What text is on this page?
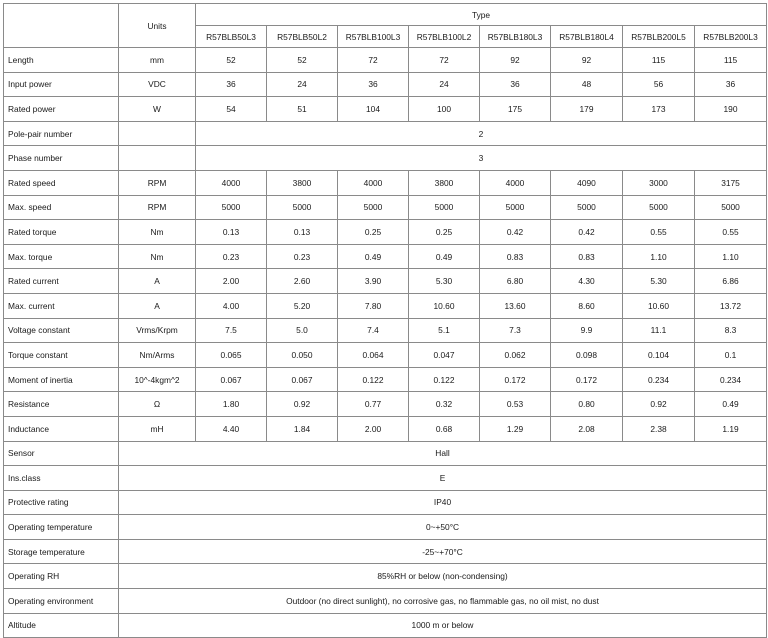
	Units	Type							
		R57BLB50L3	R57BLB50L2	R57BLB100L3	R57BLB100L2	R57BLB180L3	R57BLB180L4	R57BLB200L5	R57BLB200L3
Length	mm	52	52	72	72	92	92	115	115
Input power	VDC	36	24	36	24	36	48	56	36
Rated power	W	54	51	104	100	175	179	173	190
Pole-pair number		2							
Phase number		3							
Rated speed	RPM	4000	3800	4000	3800	4000	4090	3000	3175
Max. speed	RPM	5000	5000	5000	5000	5000	5000	5000	5000
Rated torque	Nm	0.13	0.13	0.25	0.25	0.42	0.42	0.55	0.55
Max. torque	Nm	0.23	0.23	0.49	0.49	0.83	0.83	1.10	1.10
Rated current	A	2.00	2.60	3.90	5.30	6.80	4.30	5.30	6.86
Max. current	A	4.00	5.20	7.80	10.60	13.60	8.60	10.60	13.72
Voltage constant	Vrms/Krpm	7.5	5.0	7.4	5.1	7.3	9.9	11.1	8.3
Torque constant	Nm/Arms	0.065	0.050	0.064	0.047	0.062	0.098	0.104	0.1
Moment of inertia	10^-4kgm^2	0.067	0.067	0.122	0.122	0.172	0.172	0.234	0.234
Resistance	Ω	1.80	0.92	0.77	0.32	0.53	0.80	0.92	0.49
Inductance	mH	4.40	1.84	2.00	0.68	1.29	2.08	2.38	1.19
Sensor	Hall								
Ins.class	E								
Protective rating	IP40								
Operating temperature	0~+50°C								
Storage temperature	-25~+70°C								
Operating RH	85%RH or below (non-condensing)								
Operating environment	Outdoor (no direct sunlight), no corrosive gas, no flammable gas, no oil mist, no dust								
Altitude	1000 m or below								
